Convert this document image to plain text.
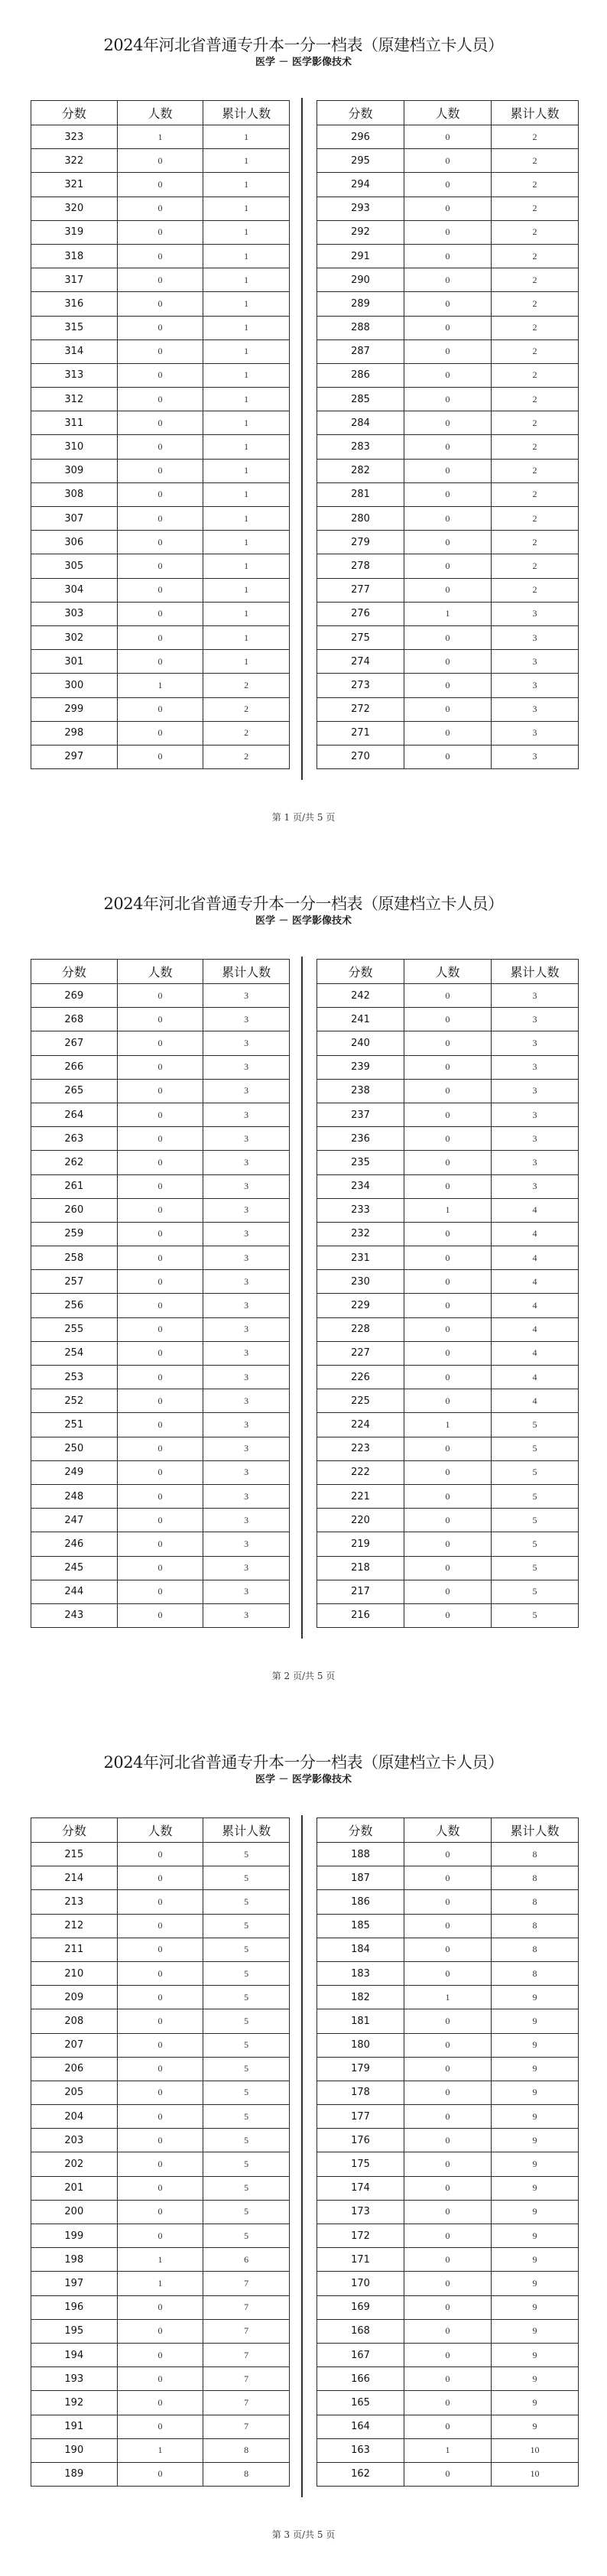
2024年河北省普通专升本一分一档表（原建档立卡人员）
医学 － 医学影像技术
分数	人数	累计人数
323	1	1
322	0	1
321	0	1
320	0	1
319	0	1
318	0	1
317	0	1
316	0	1
315	0	1
314	0	1
313	0	1
312	0	1
311	0	1
310	0	1
309	0	1
308	0	1
307	0	1
306	0	1
305	0	1
304	0	1
303	0	1
302	0	1
301	0	1
300	1	2
299	0	2
298	0	2
297	0	2
分数	人数	累计人数
296	0	2
295	0	2
294	0	2
293	0	2
292	0	2
291	0	2
290	0	2
289	0	2
288	0	2
287	0	2
286	0	2
285	0	2
284	0	2
283	0	2
282	0	2
281	0	2
280	0	2
279	0	2
278	0	2
277	0	2
276	1	3
275	0	3
274	0	3
273	0	3
272	0	3
271	0	3
270	0	3
第 1 页/共 5 页
2024年河北省普通专升本一分一档表（原建档立卡人员）
医学 － 医学影像技术
分数	人数	累计人数
269	0	3
268	0	3
267	0	3
266	0	3
265	0	3
264	0	3
263	0	3
262	0	3
261	0	3
260	0	3
259	0	3
258	0	3
257	0	3
256	0	3
255	0	3
254	0	3
253	0	3
252	0	3
251	0	3
250	0	3
249	0	3
248	0	3
247	0	3
246	0	3
245	0	3
244	0	3
243	0	3
分数	人数	累计人数
242	0	3
241	0	3
240	0	3
239	0	3
238	0	3
237	0	3
236	0	3
235	0	3
234	0	3
233	1	4
232	0	4
231	0	4
230	0	4
229	0	4
228	0	4
227	0	4
226	0	4
225	0	4
224	1	5
223	0	5
222	0	5
221	0	5
220	0	5
219	0	5
218	0	5
217	0	5
216	0	5
第 2 页/共 5 页
2024年河北省普通专升本一分一档表（原建档立卡人员）
医学 － 医学影像技术
分数	人数	累计人数
215	0	5
214	0	5
213	0	5
212	0	5
211	0	5
210	0	5
209	0	5
208	0	5
207	0	5
206	0	5
205	0	5
204	0	5
203	0	5
202	0	5
201	0	5
200	0	5
199	0	5
198	1	6
197	1	7
196	0	7
195	0	7
194	0	7
193	0	7
192	0	7
191	0	7
190	1	8
189	0	8
分数	人数	累计人数
188	0	8
187	0	8
186	0	8
185	0	8
184	0	8
183	0	8
182	1	9
181	0	9
180	0	9
179	0	9
178	0	9
177	0	9
176	0	9
175	0	9
174	0	9
173	0	9
172	0	9
171	0	9
170	0	9
169	0	9
168	0	9
167	0	9
166	0	9
165	0	9
164	0	9
163	1	10
162	0	10
第 3 页/共 5 页
